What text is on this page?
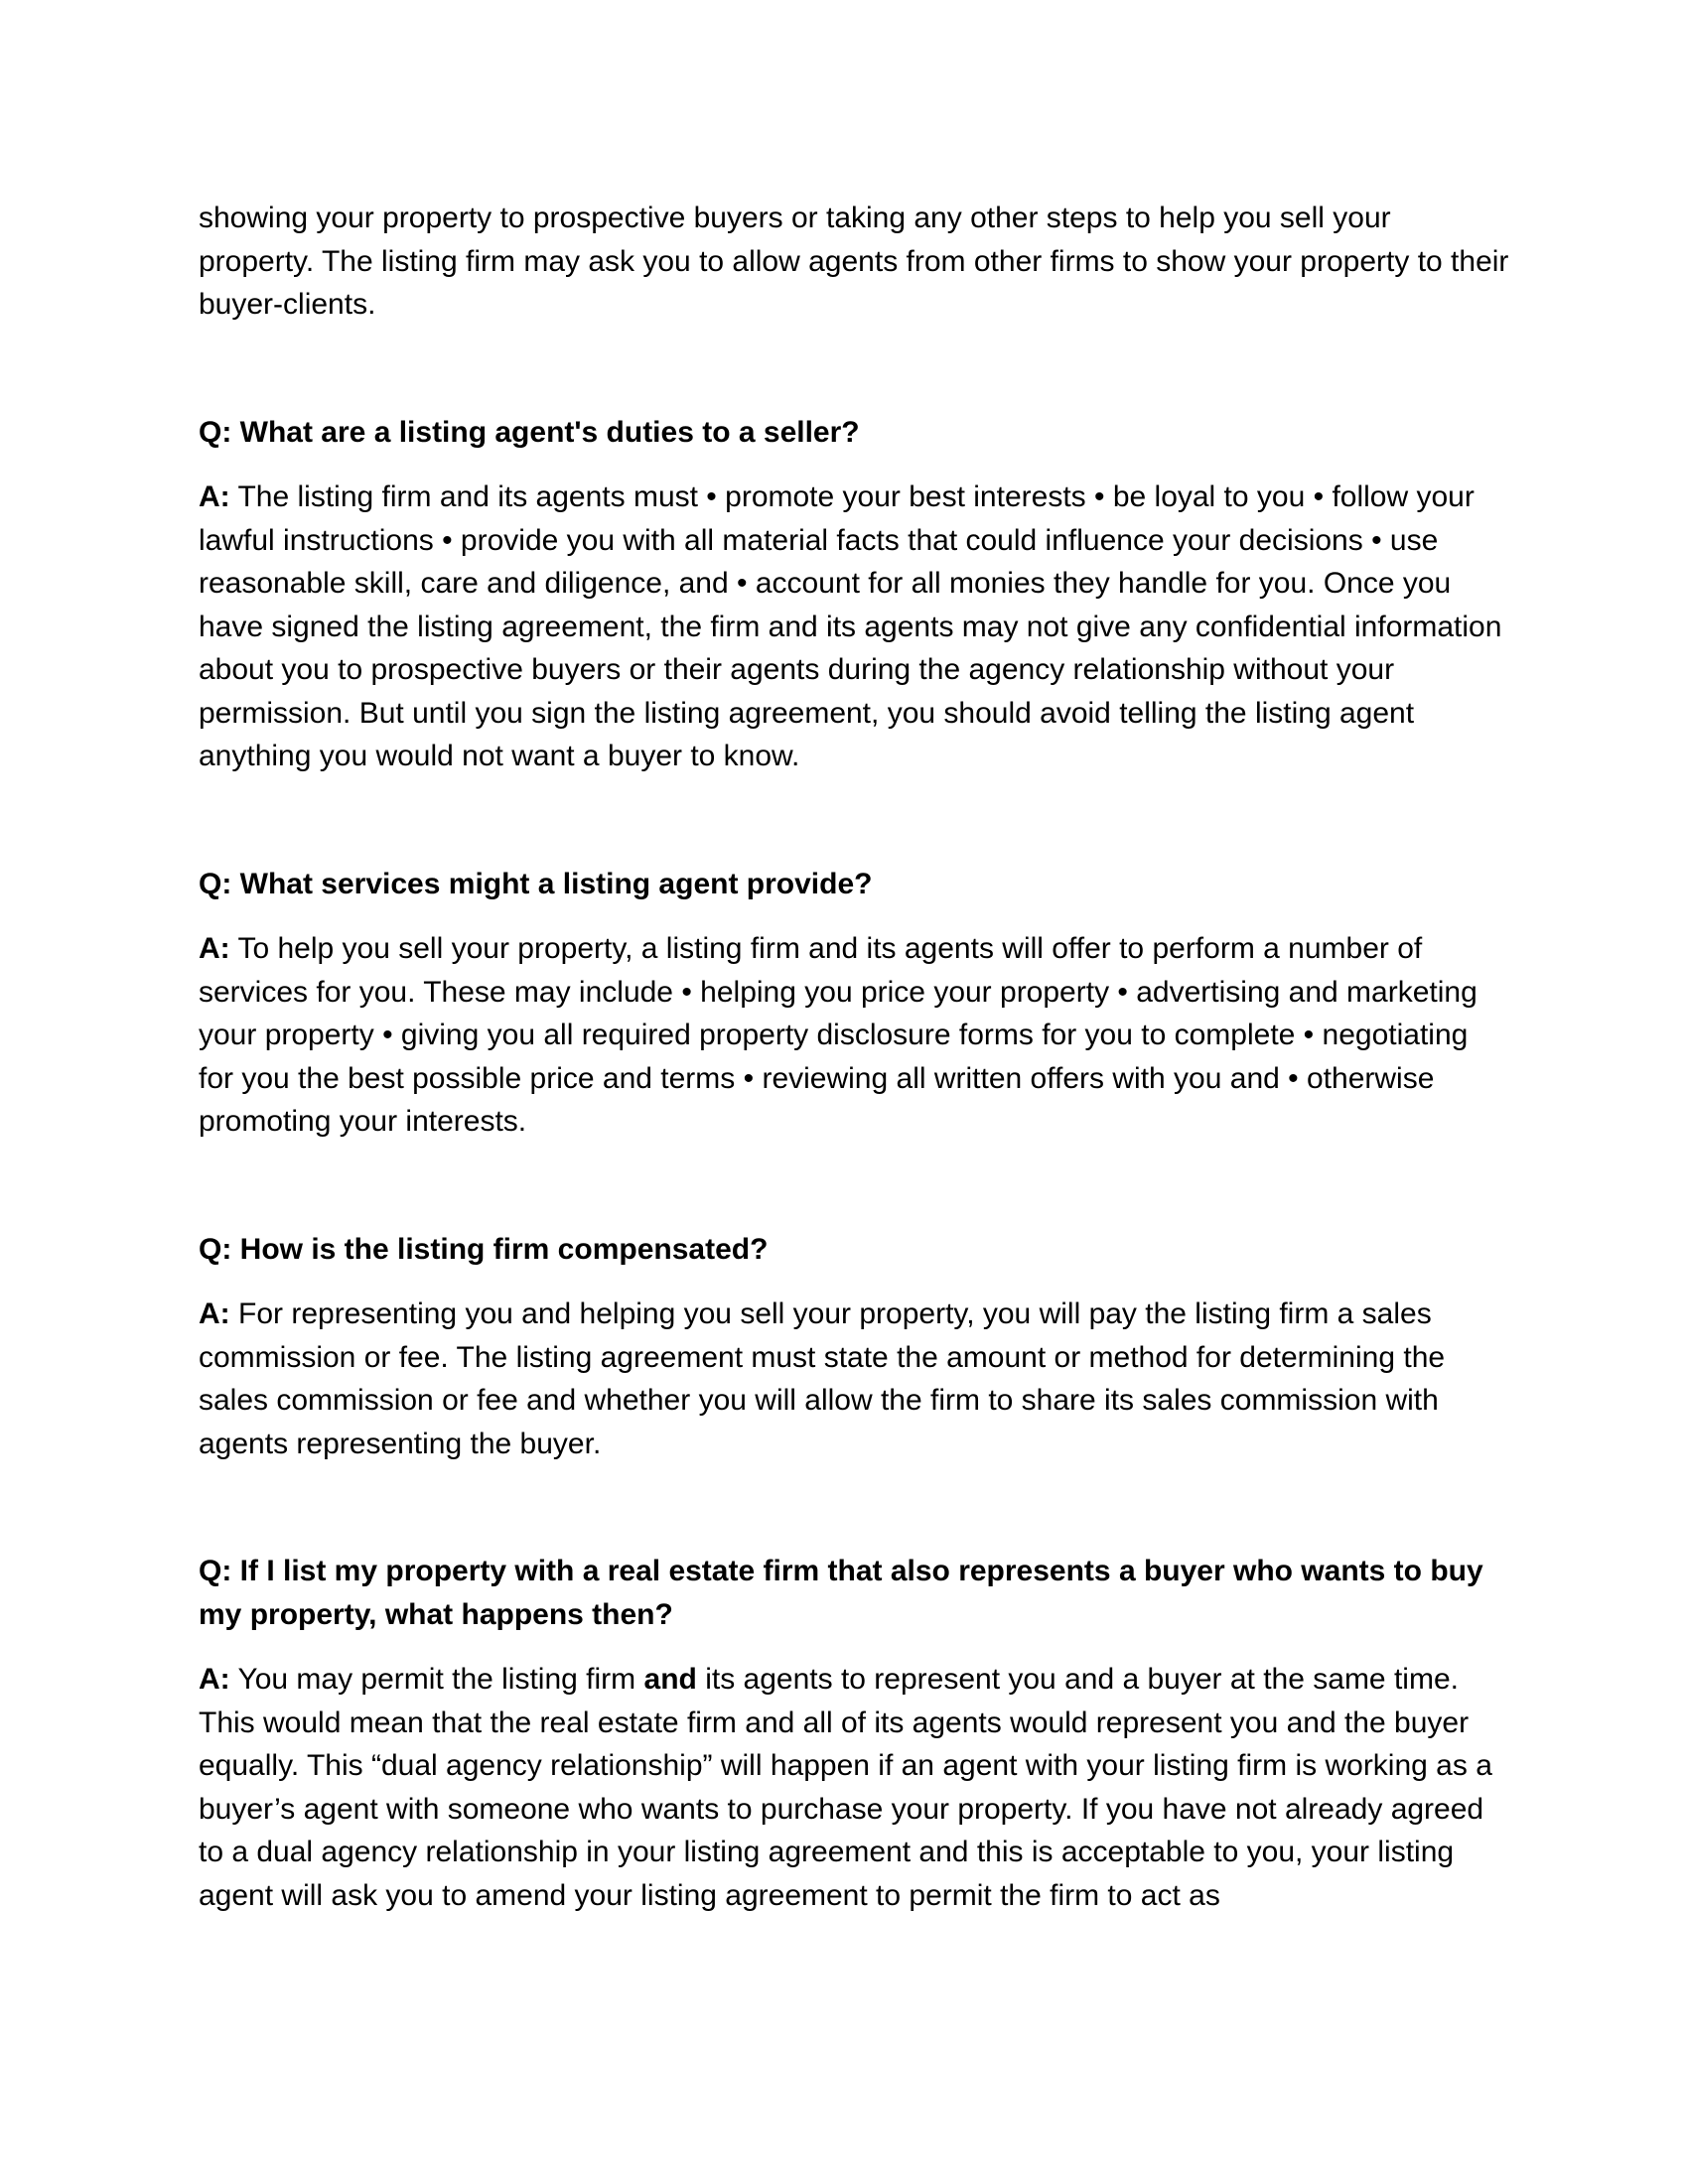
showing your property to prospective buyers or taking any other steps to help you sell your property. The listing firm may ask you to allow agents from other firms to show your property to their buyer-clients.

Q: What are a listing agent's duties to a seller?

A: The listing firm and its agents must • promote your best interests • be loyal to you • follow your lawful instructions • provide you with all material facts that could influence your decisions • use reasonable skill, care and diligence, and • account for all monies they handle for you. Once you have signed the listing agreement, the firm and its agents may not give any confidential information about you to prospective buyers or their agents during the agency relationship without your permission. But until you sign the listing agreement, you should avoid telling the listing agent anything you would not want a buyer to know.

Q: What services might a listing agent provide?

A: To help you sell your property, a listing firm and its agents will offer to perform a number of services for you. These may include • helping you price your property • advertising and marketing your property • giving you all required property disclosure forms for you to complete • negotiating for you the best possible price and terms • reviewing all written offers with you and • otherwise promoting your interests.

Q: How is the listing firm compensated?

A: For representing you and helping you sell your property, you will pay the listing firm a sales commission or fee. The listing agreement must state the amount or method for determining the sales commission or fee and whether you will allow the firm to share its sales commission with agents representing the buyer.

Q: If I list my property with a real estate firm that also represents a buyer who wants to buy my property, what happens then?

A: You may permit the listing firm and its agents to represent you and a buyer at the same time. This would mean that the real estate firm and all of its agents would represent you and the buyer equally. This “dual agency relationship” will happen if an agent with your listing firm is working as a buyer’s agent with someone who wants to purchase your property. If you have not already agreed to a dual agency relationship in your listing agreement and this is acceptable to you, your listing agent will ask you to amend your listing agreement to permit the firm to act as
